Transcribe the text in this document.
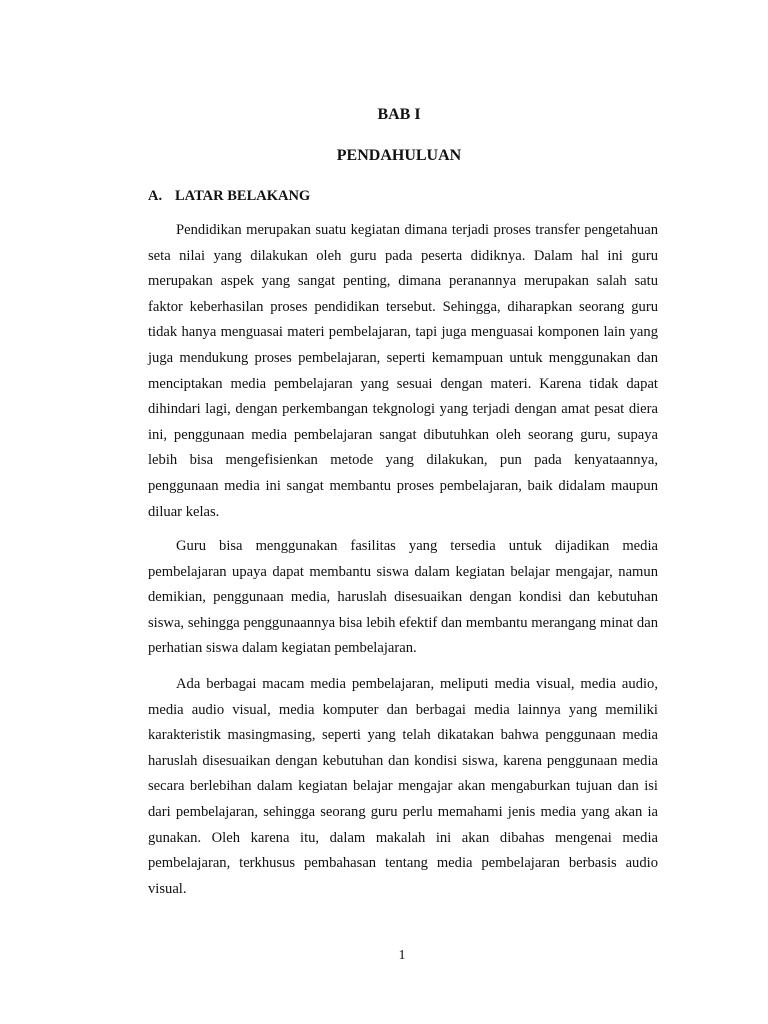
BAB I
PENDAHULUAN
A. LATAR BELAKANG

Pendidikan merupakan suatu kegiatan dimana terjadi proses transfer pengetahuan seta nilai yang dilakukan oleh guru pada peserta didiknya. Dalam hal ini guru merupakan aspek yang sangat penting, dimana peranannya merupakan salah satu faktor keberhasilan proses pendidikan tersebut. Sehingga, diharapkan seorang guru tidak hanya menguasai materi pembelajaran, tapi juga menguasai komponen lain yang juga mendukung proses pembelajaran, seperti kemampuan untuk menggunakan dan menciptakan media pembelajaran yang sesuai dengan materi. Karena tidak dapat dihindari lagi, dengan perkembangan tekgnologi yang terjadi dengan amat pesat diera ini, penggunaan media pembelajaran sangat dibutuhkan oleh seorang guru, supaya lebih bisa mengefisienkan metode yang dilakukan, pun pada kenyataannya, penggunaan media ini sangat membantu proses pembelajaran, baik didalam maupun diluar kelas.

Guru bisa menggunakan fasilitas yang tersedia untuk dijadikan media pembelajaran upaya dapat membantu siswa dalam kegiatan belajar mengajar, namun demikian, penggunaan media, haruslah disesuaikan dengan kondisi dan kebutuhan siswa, sehingga penggunaannya bisa lebih efektif dan membantu merangang minat dan perhatian siswa dalam kegiatan pembelajaran.

Ada berbagai macam media pembelajaran, meliputi media visual, media audio, media audio visual, media komputer dan berbagai media lainnya yang memiliki karakteristik masingmasing, seperti yang telah dikatakan bahwa penggunaan media haruslah disesuaikan dengan kebutuhan dan kondisi siswa, karena penggunaan media secara berlebihan dalam kegiatan belajar mengajar akan mengaburkan tujuan dan isi dari pembelajaran, sehingga seorang guru perlu memahami jenis media yang akan ia gunakan. Oleh karena itu, dalam makalah ini akan dibahas mengenai media pembelajaran, terkhusus pembahasan tentang media pembelajaran berbasis audio visual.

1
